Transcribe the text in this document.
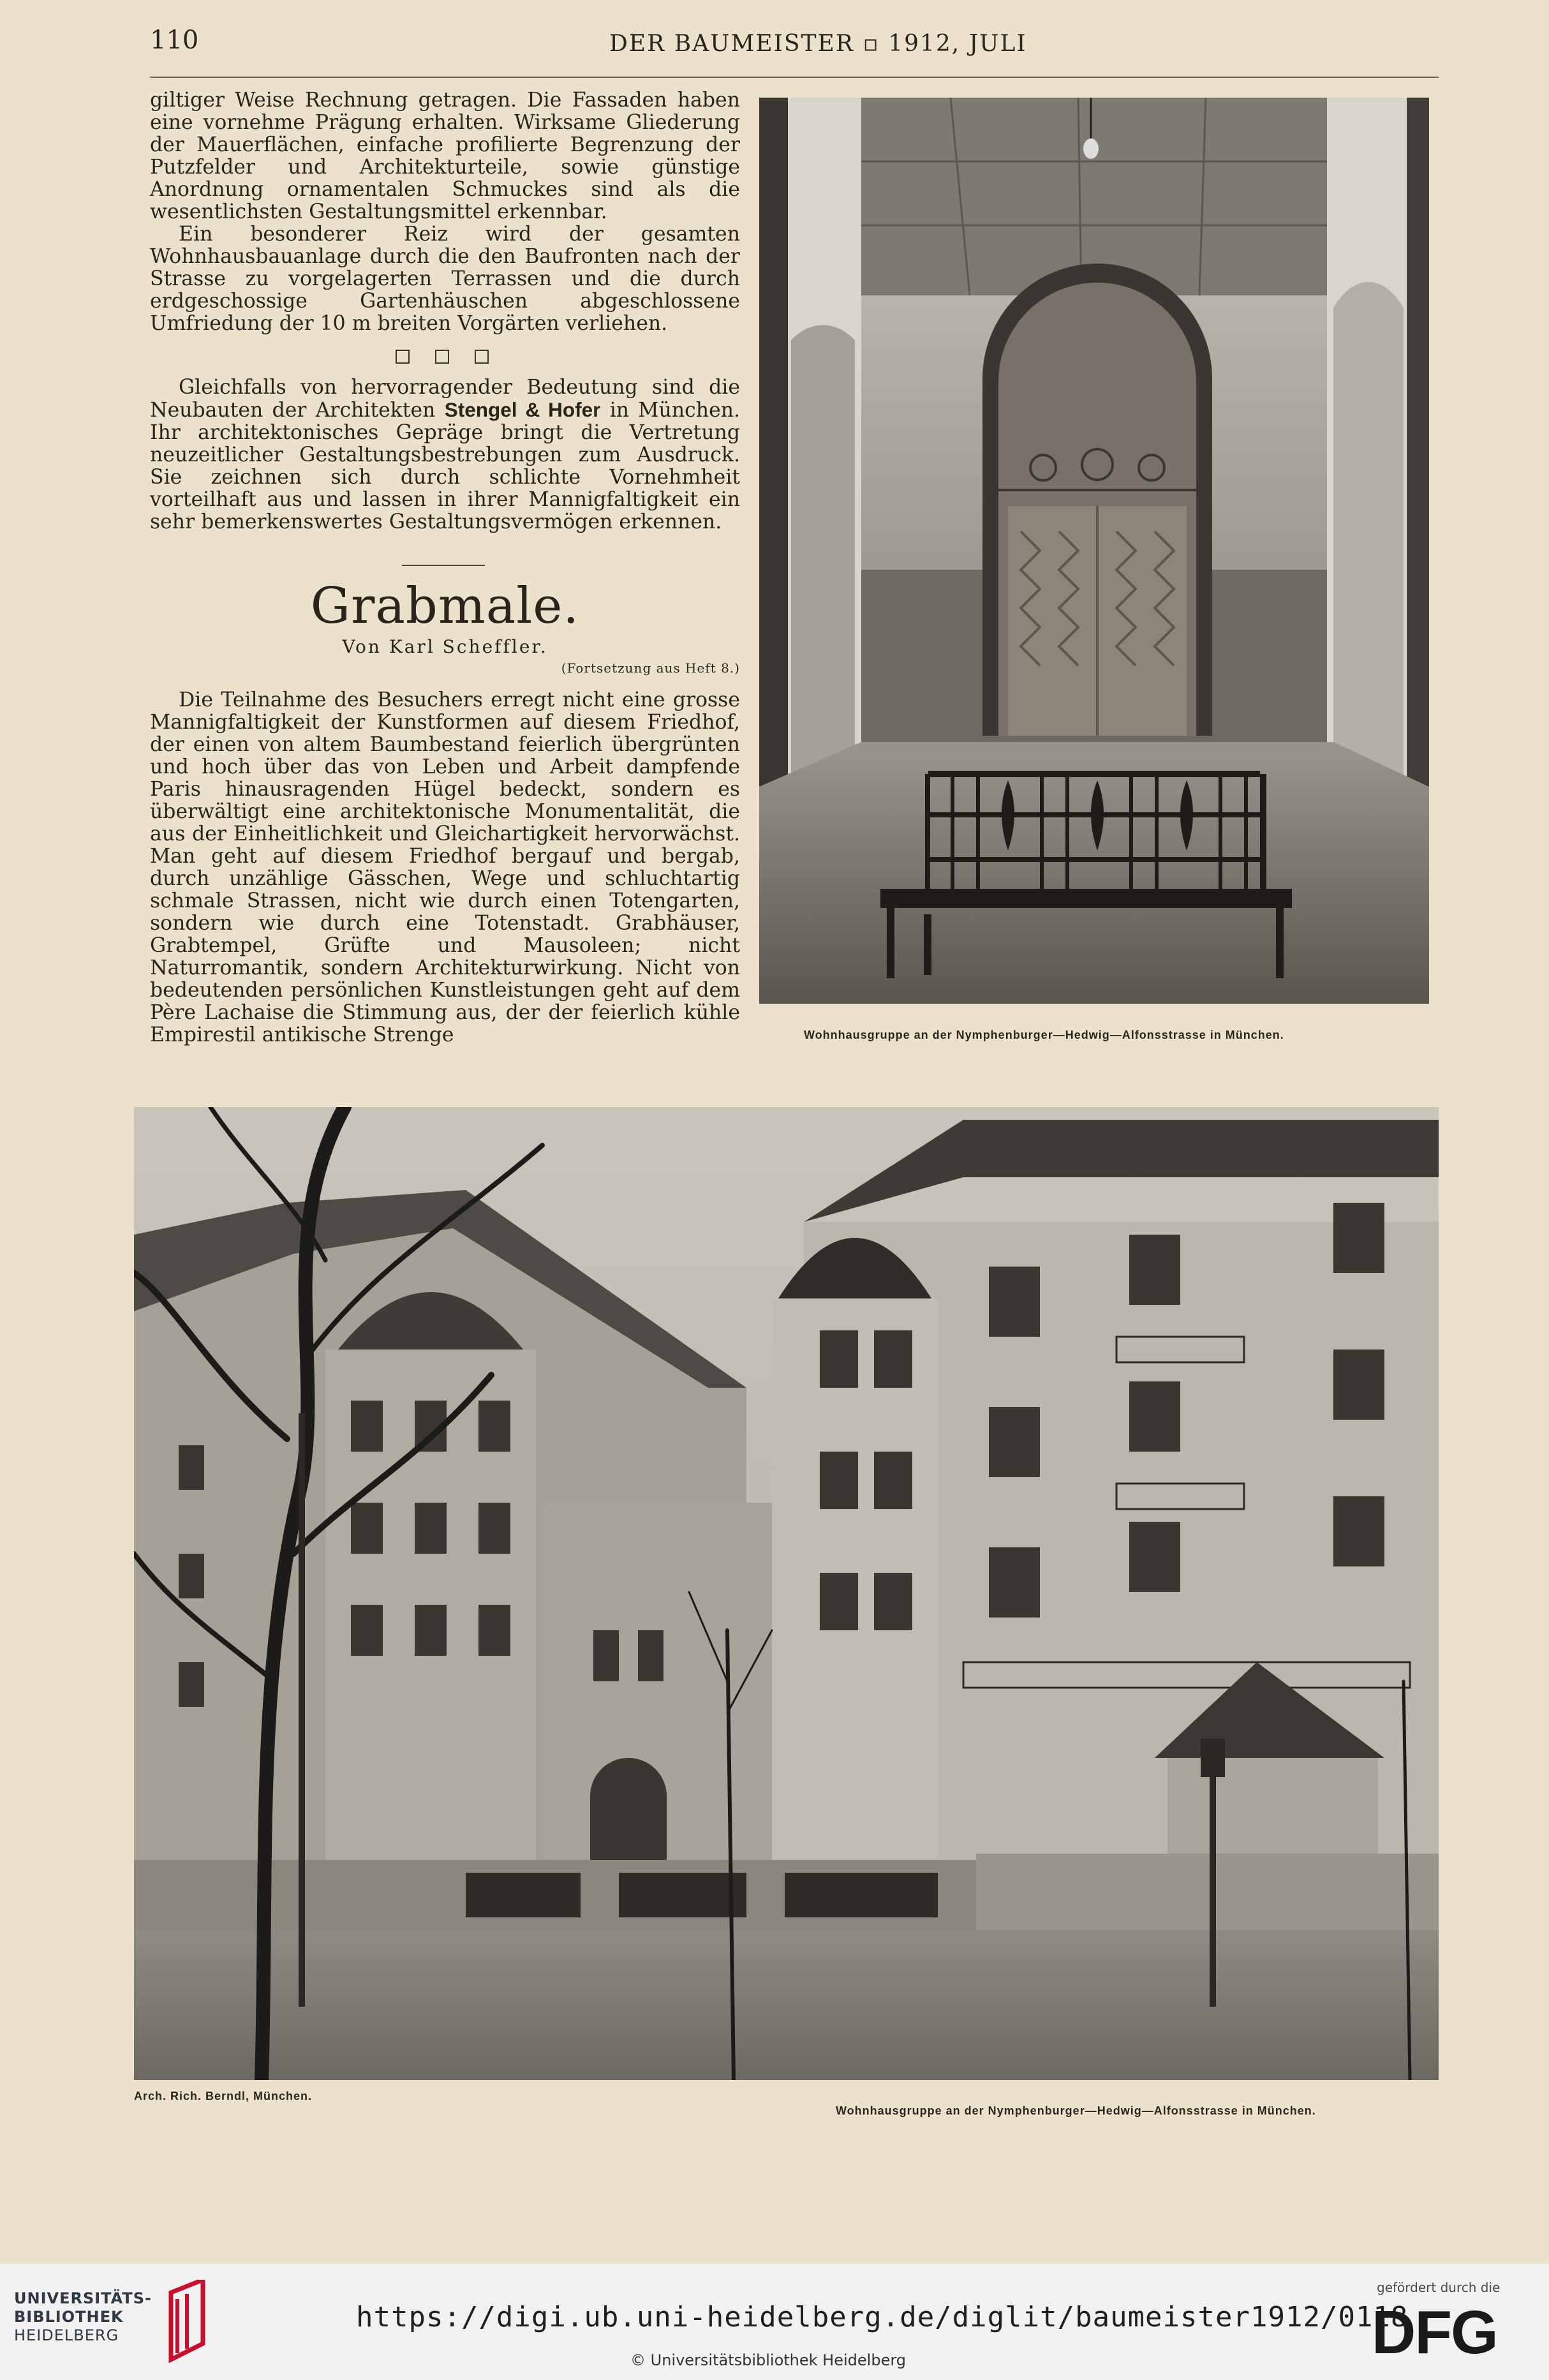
110	DER BAUMEISTER ▫ 1912, JULI

giltiger Weise Rechnung getragen. Die Fassaden haben eine vornehme Prägung erhalten. Wirksame Gliederung der Mauerflächen, einfache profilierte Begrenzung der Putzfelder und Architekturteile, sowie günstige Anordnung ornamentalen Schmuckes sind als die wesentlichsten Gestaltungsmittel erkennbar.

Ein besonderer Reiz wird der gesamten Wohnhausbauanlage durch die den Baufronten nach der Strasse zu vorgelagerten Terrassen und die durch erdgeschossige Gartenhäuschen abgeschlossene Umfriedung der 10 m breiten Vorgärten verliehen.

Gleichfalls von hervorragender Bedeutung sind die Neubauten der Architekten Stengel & Hofer in München. Ihr architektonisches Gepräge bringt die Vertretung neuzeitlicher Gestaltungsbestrebungen zum Ausdruck. Sie zeichnen sich durch schlichte Vornehmheit vorteilhaft aus und lassen in ihrer Mannigfaltigkeit ein sehr bemerkenswertes Gestaltungsvermögen erkennen.

Grabmale.
Von Karl Scheffler.
(Fortsetzung aus Heft 8.)

Die Teilnahme des Besuchers erregt nicht eine grosse Mannigfaltigkeit der Kunstformen auf diesem Friedhof, der einen von altem Baumbestand feierlich übergrünten und hoch über das von Leben und Arbeit dampfende Paris hinausragenden Hügel bedeckt, sondern es überwältigt eine architektonische Monumentalität, die aus der Einheitlichkeit und Gleichartigkeit hervorwächst. Man geht auf diesem Friedhof bergauf und bergab, durch unzählige Gässchen, Wege und schluchtartig schmale Strassen, nicht wie durch einen Totengarten, sondern wie durch eine Totenstadt. Grabhäuser, Grabtempel, Grüfte und Mausoleen; nicht Naturromantik, sondern Architekturwirkung. Nicht von bedeutenden persönlichen Kunstleistungen geht auf dem Père Lachaise die Stimmung aus, der der feierlich kühle Empirestil antikische Strenge	Wohnhausgruppe an der Nymphenburger—Hedwig—Alfonsstrasse in München.
Arch. Rich. Berndl, München.
Wohnhausgruppe an der Nymphenburger—Hedwig—Alfonsstrasse in München.
UNIVERSITÄTS-
BIBLIOTHEK
HEIDELBERG
https://digi.ub.uni-heidelberg.de/diglit/baumeister1912/0118
© Universitätsbibliothek Heidelberg
gefördert durch die
DFG
